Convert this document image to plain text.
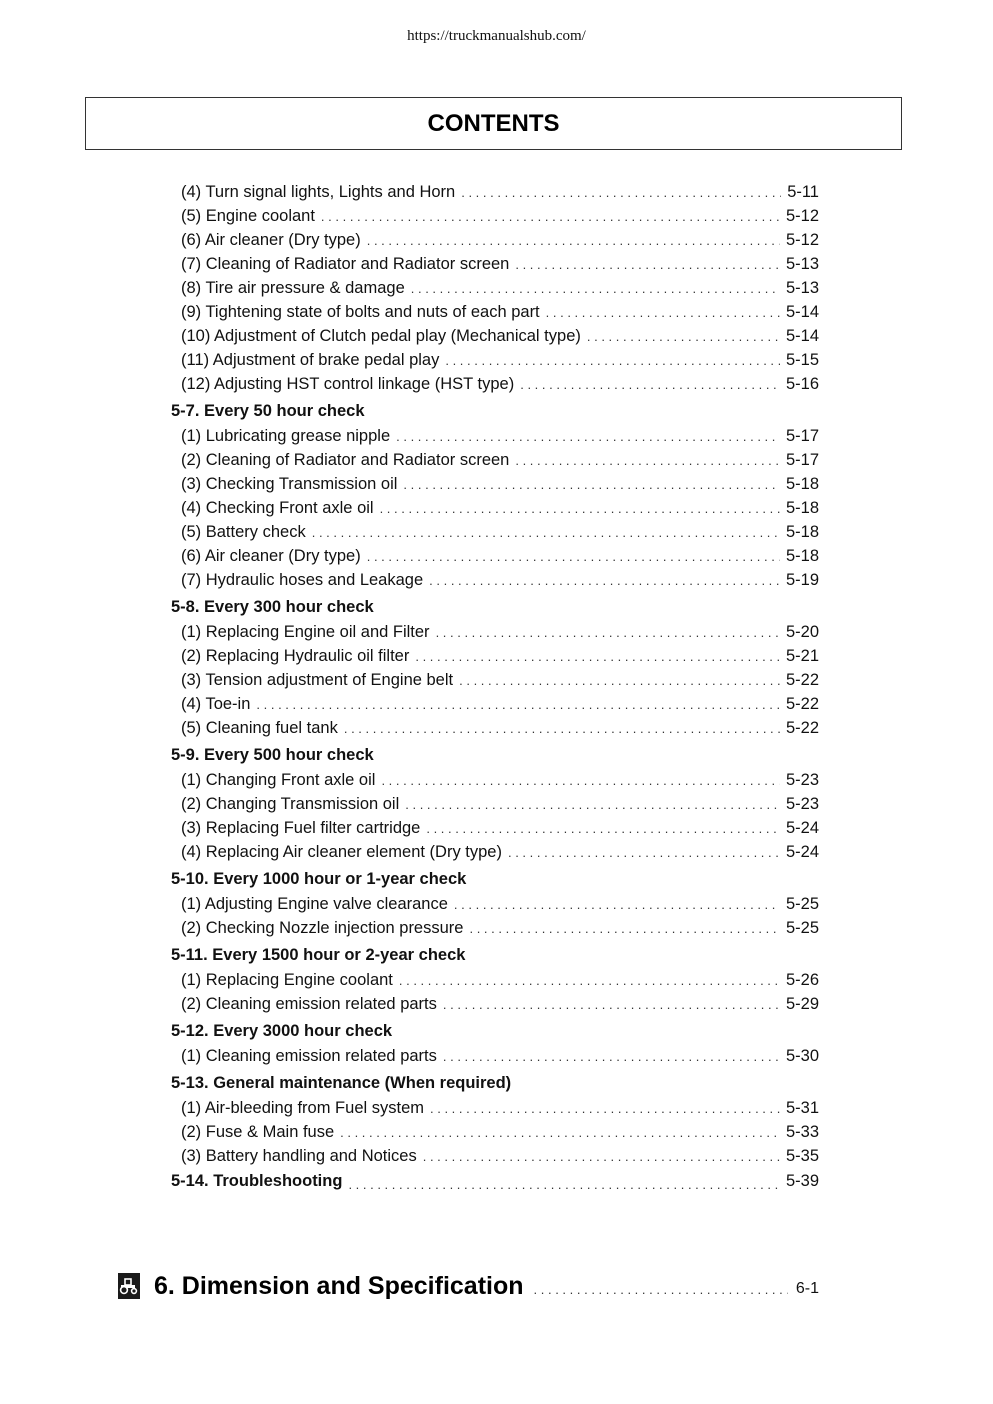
https://truckmanualshub.com/
CONTENTS
(4) Turn signal lights, Lights and Horn . . .	5-11
(5) Engine coolant . . .	5-12
(6) Air cleaner (Dry type) . . .	5-12
(7) Cleaning of Radiator and Radiator screen . . .	5-13
(8) Tire air pressure & damage . . .	5-13
(9) Tightening state of bolts and nuts of each part . . .	5-14
(10) Adjustment of Clutch pedal play (Mechanical type) . . .	5-14
(11) Adjustment of brake pedal play . . .	5-15
(12) Adjusting HST control linkage (HST type) . . .	5-16
5-7. Every 50 hour check
(1) Lubricating grease nipple . . .	5-17
(2) Cleaning of Radiator and Radiator screen . . .	5-17
(3) Checking Transmission oil . . .	5-18
(4) Checking Front axle oil . . .	5-18
(5) Battery check . . .	5-18
(6) Air cleaner (Dry type) . . .	5-18
(7) Hydraulic hoses and Leakage . . .	5-19
5-8. Every 300 hour check
(1) Replacing Engine oil and Filter . . .	5-20
(2) Replacing Hydraulic oil filter . . .	5-21
(3) Tension adjustment of Engine belt . . .	5-22
(4) Toe-in . . .	5-22
(5) Cleaning fuel tank . . .	5-22
5-9. Every 500 hour check
(1) Changing Front axle oil . . .	5-23
(2) Changing Transmission oil . . .	5-23
(3) Replacing Fuel filter cartridge . . .	5-24
(4) Replacing Air cleaner element (Dry type) . . .	5-24
5-10. Every 1000 hour or 1-year check
(1) Adjusting Engine valve clearance . . .	5-25
(2) Checking Nozzle injection pressure . . .	5-25
5-11. Every 1500 hour or 2-year check
(1) Replacing Engine coolant . . .	5-26
(2) Cleaning emission related parts . . .	5-29
5-12. Every 3000 hour check
(1) Cleaning emission related parts . . .	5-30
5-13. General maintenance (When required)
(1) Air-bleeding from Fuel system . . .	5-31
(2) Fuse & Main fuse . . .	5-33
(3) Battery handling and Notices . . .	5-35
5-14. Troubleshooting . . .	5-39
6. Dimension and Specification . . .	6-1
